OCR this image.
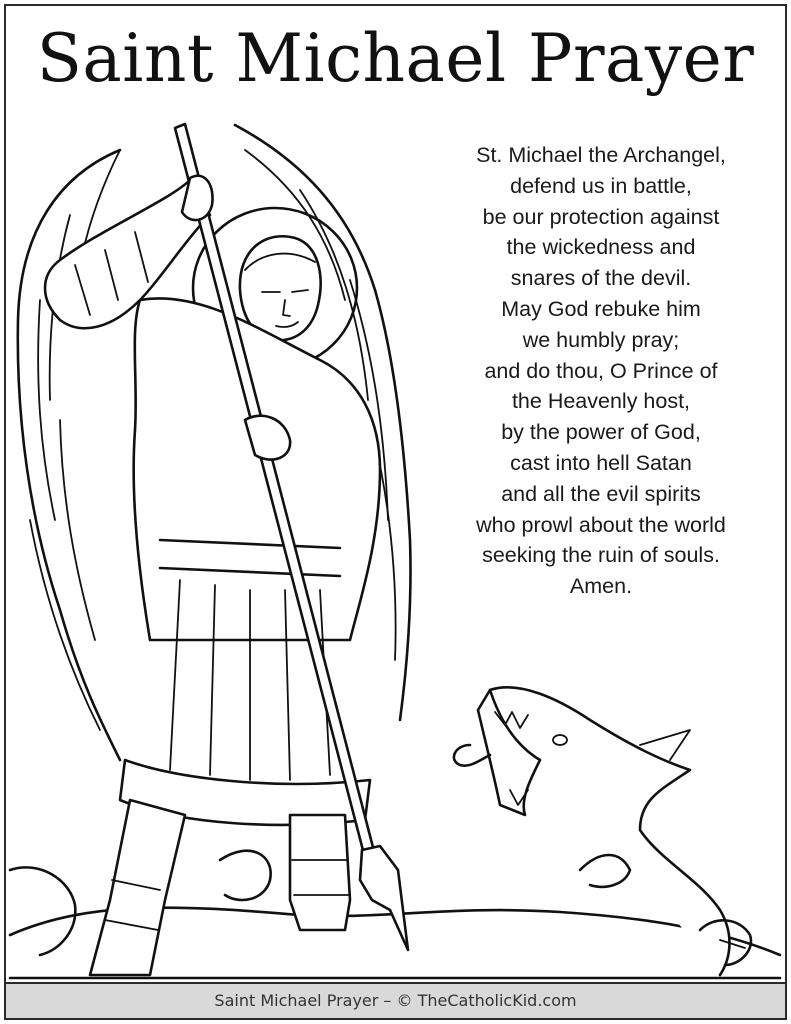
Saint Michael Prayer
St. Michael the Archangel,
defend us in battle,
be our protection against
the wickedness and
snares of the devil.
May God rebuke him
we humbly pray;
and do thou, O Prince of
the Heavenly host,
by the power of God,
cast into hell Satan
and all the evil spirits
who prowl about the world
seeking the ruin of souls.
Amen.
Saint Michael Prayer – © TheCatholicKid.com
